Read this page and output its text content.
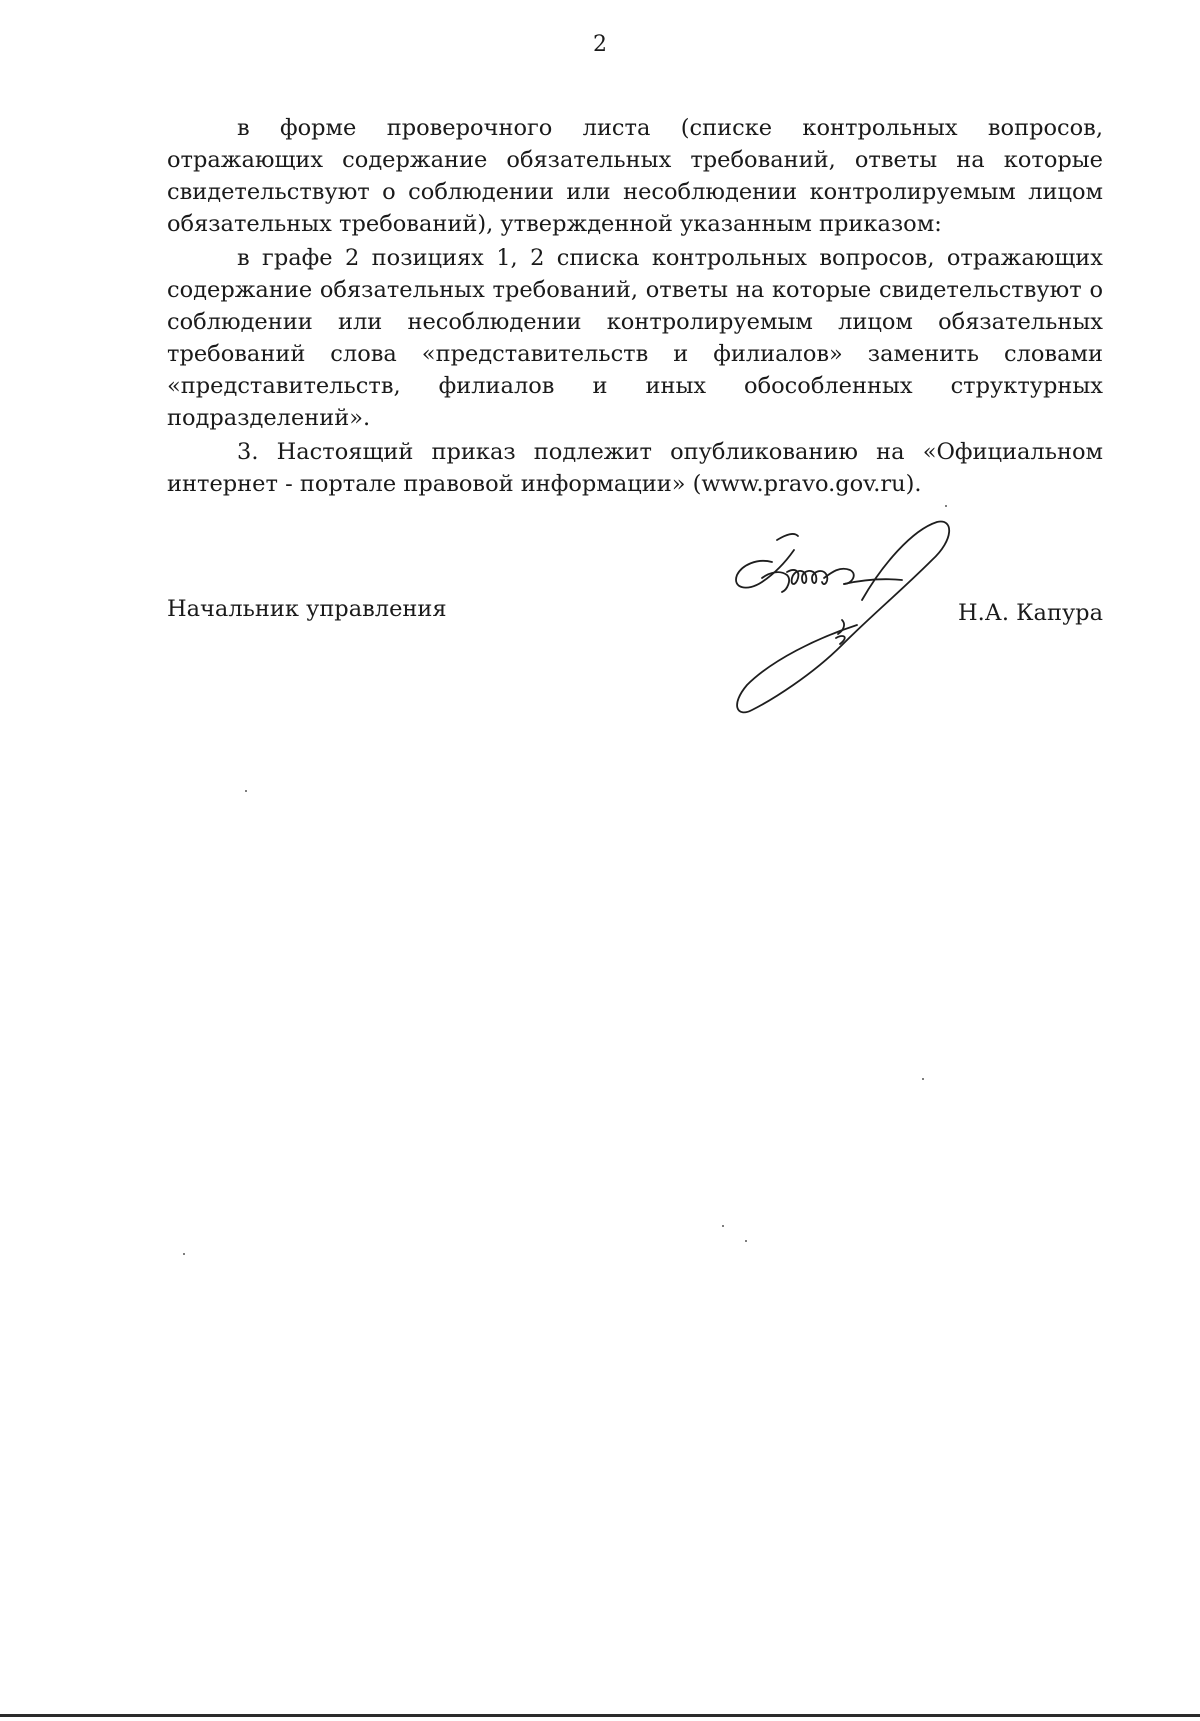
2

в форме проверочного листа (списке контрольных вопросов, отражающих содержание обязательных требований, ответы на которые свидетельствуют о соблюдении или несоблюдении контролируемым лицом обязательных требований), утвержденной указанным приказом:

в графе 2 позициях 1, 2 списка контрольных вопросов, отражающих содержание обязательных требований, ответы на которые свидетельствуют о соблюдении или несоблюдении контролируемым лицом обязательных требований слова «представительств и филиалов» заменить словами «представительств, филиалов и иных обособленных структурных подразделений».

3. Настоящий приказ подлежит опубликованию на «Официальном интернет - портале правовой информации» (www.pravo.gov.ru).

Начальник управления	Н.А. Капура
